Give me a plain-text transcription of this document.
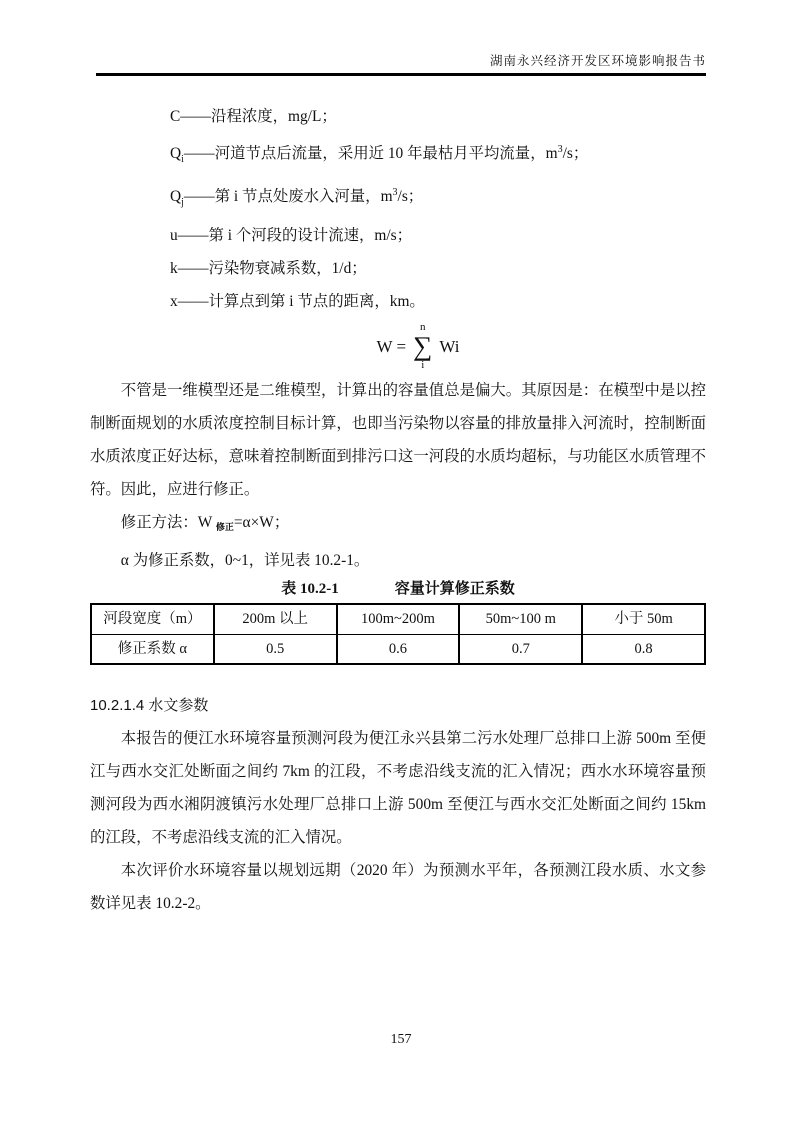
湖南永兴经济开发区环境影响报告书
C——沿程浓度，mg/L；
$Q_i——$河道节点后流量，采用近 10 年最枯月平均流量，$m^3/s$；
$Q_j——$第 i 节点处废水入河量，$m^3/s$；
u——第 i 个河段的设计流速，m/s；
k——污染物衰减系数，1/d；
x——计算点到第 i 节点的距离，km。
W =
n
∑
i
Wi

不管是一维模型还是二维模型，计算出的容量值总是偏大。其原因是：在模型中是以控制断面规划的水质浓度控制目标计算，也即当污染物以容量的排放量排入河流时，控制断面水质浓度正好达标，意味着控制断面到排污口这一河段的水质均超标，与功能区水质管理不符。因此，应进行修正。

修正方法：W $_{修正}$=α×W；

α 为修正系数，0~1，详见表 10.2-1。

表 10.2-1	容量计算修正系数
河段宽度（m）	200m 以上	100m~200m	50m~100 m	小于 50m
修正系数 α	0.5	0.6	0.7	0.8
10.2.1.4 水文参数

本报告的便江水环境容量预测河段为便江永兴县第二污水处理厂总排口上游 500m 至便江与西水交汇处断面之间约 7km 的江段，不考虑沿线支流的汇入情况；西水水环境容量预测河段为西水湘阴渡镇污水处理厂总排口上游 500m 至便江与西水交汇处断面之间约 15km 的江段，不考虑沿线支流的汇入情况。

本次评价水环境容量以规划远期（2020 年）为预测水平年，各预测江段水质、水文参数详见表 10.2-2。

157
